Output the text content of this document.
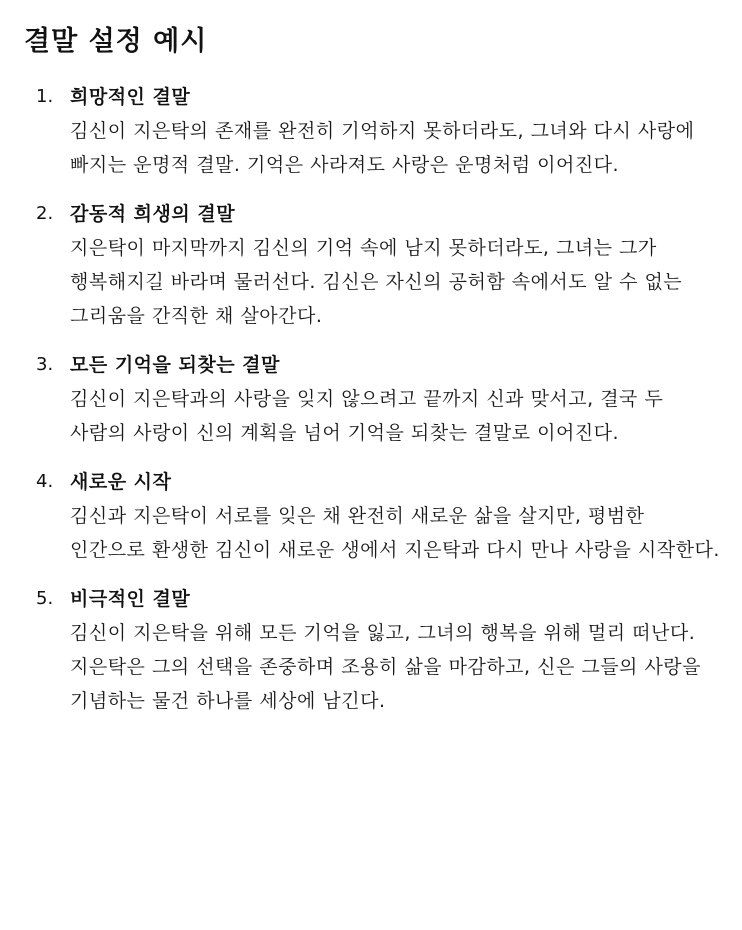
결말 설정 예시
1. 희망적인 결말
김신이 지은탁의 존재를 완전히 기억하지 못하더라도, 그녀와 다시 사랑에 빠지는 운명적 결말. 기억은 사라져도 사랑은 운명처럼 이어진다.
2. 감동적 희생의 결말
지은탁이 마지막까지 김신의 기억 속에 남지 못하더라도, 그녀는 그가 행복해지길 바라며 물러선다. 김신은 자신의 공허함 속에서도 알 수 없는 그리움을 간직한 채 살아간다.
3. 모든 기억을 되찾는 결말
김신이 지은탁과의 사랑을 잊지 않으려고 끝까지 신과 맞서고, 결국 두 사람의 사랑이 신의 계획을 넘어 기억을 되찾는 결말로 이어진다.
4. 새로운 시작
김신과 지은탁이 서로를 잊은 채 완전히 새로운 삶을 살지만, 평범한 인간으로 환생한 김신이 새로운 생에서 지은탁과 다시 만나 사랑을 시작한다.
5. 비극적인 결말
김신이 지은탁을 위해 모든 기억을 잃고, 그녀의 행복을 위해 멀리 떠난다. 지은탁은 그의 선택을 존중하며 조용히 삶을 마감하고, 신은 그들의 사랑을 기념하는 물건 하나를 세상에 남긴다.
